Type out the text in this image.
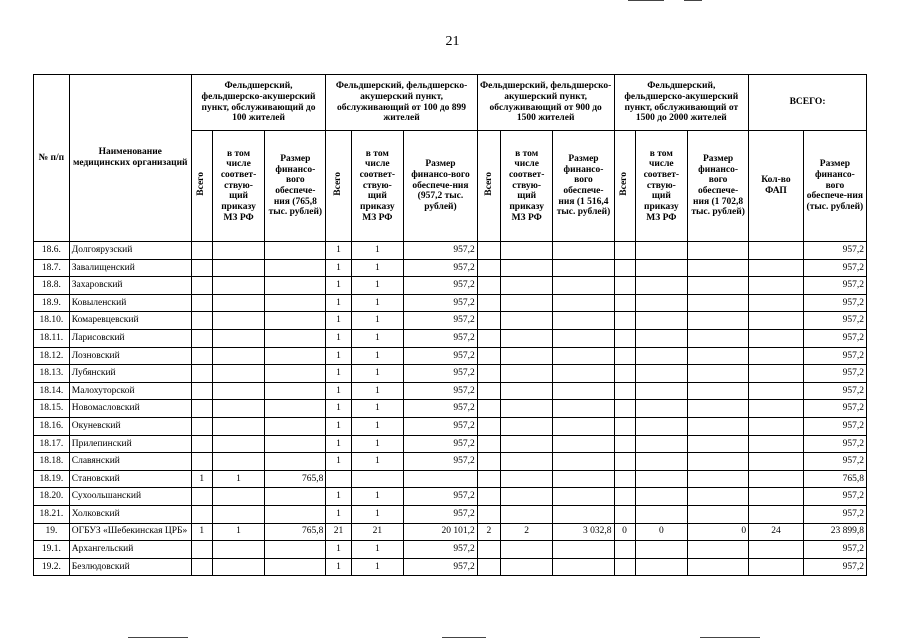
21
№ п/п	Наименование медицинских организаций	Фельдшерский, фельдшерско-акушерский пункт, обслуживающий до 100 жителей			Фельдшерский, фельдшерско-акушерский пункт, обслуживающий от 100 до 899 жителей			Фельдшерский, фельдшерско-акушерский пункт, обслуживающий от 900 до 1500 жителей			Фельдшерский, фельдшерско-акушерский пункт, обслуживающий от 1500 до 2000 жителей			ВСЕГО:	
		Всего	в том числе соответ-ствую-щий приказу МЗ РФ	Размер финансо-вого обеспече-ния (765,8 тыс. рублей)	Всего	в том числе соответ-ствую-щий приказу МЗ РФ	Размер финансо-вого обеспече-ния (957,2 тыс. рублей)	Всего	в том числе соответ-ствую-щий приказу МЗ РФ	Размер финансо-вого обеспече-ния (1 516,4 тыс. рублей)	Всего	в том числе соответ-ствую-щий приказу МЗ РФ	Размер финансо-вого обеспече-ния (1 702,8 тыс. рублей)	Кол-во ФАП	Размер финансо-вого обеспече-ния (тыс. рублей)
18.6.	Долгоярузский				1	1	957,2								957,2
18.7.	Завалищенский				1	1	957,2								957,2
18.8.	Захаровский				1	1	957,2								957,2
18.9.	Ковыленский				1	1	957,2								957,2
18.10.	Комаревцевский				1	1	957,2								957,2
18.11.	Ларисовский				1	1	957,2								957,2
18.12.	Лозновский				1	1	957,2								957,2
18.13.	Лубянский				1	1	957,2								957,2
18.14.	Малохуторской				1	1	957,2								957,2
18.15.	Новомасловский				1	1	957,2								957,2
18.16.	Окуневский				1	1	957,2								957,2
18.17.	Прилепинский				1	1	957,2								957,2
18.18.	Славянский				1	1	957,2								957,2
18.19.	Становский	1	1	765,8											765,8
18.20.	Сухоольшанский				1	1	957,2								957,2
18.21.	Холковский				1	1	957,2								957,2
19.	ОГБУЗ «Шебекинская ЦРБ»	1	1	765,8	21	21	20 101,2	2	2	3 032,8	0	0	0	24	23 899,8
19.1.	Архангельский				1	1	957,2								957,2
19.2.	Безлюдовский				1	1	957,2								957,2
